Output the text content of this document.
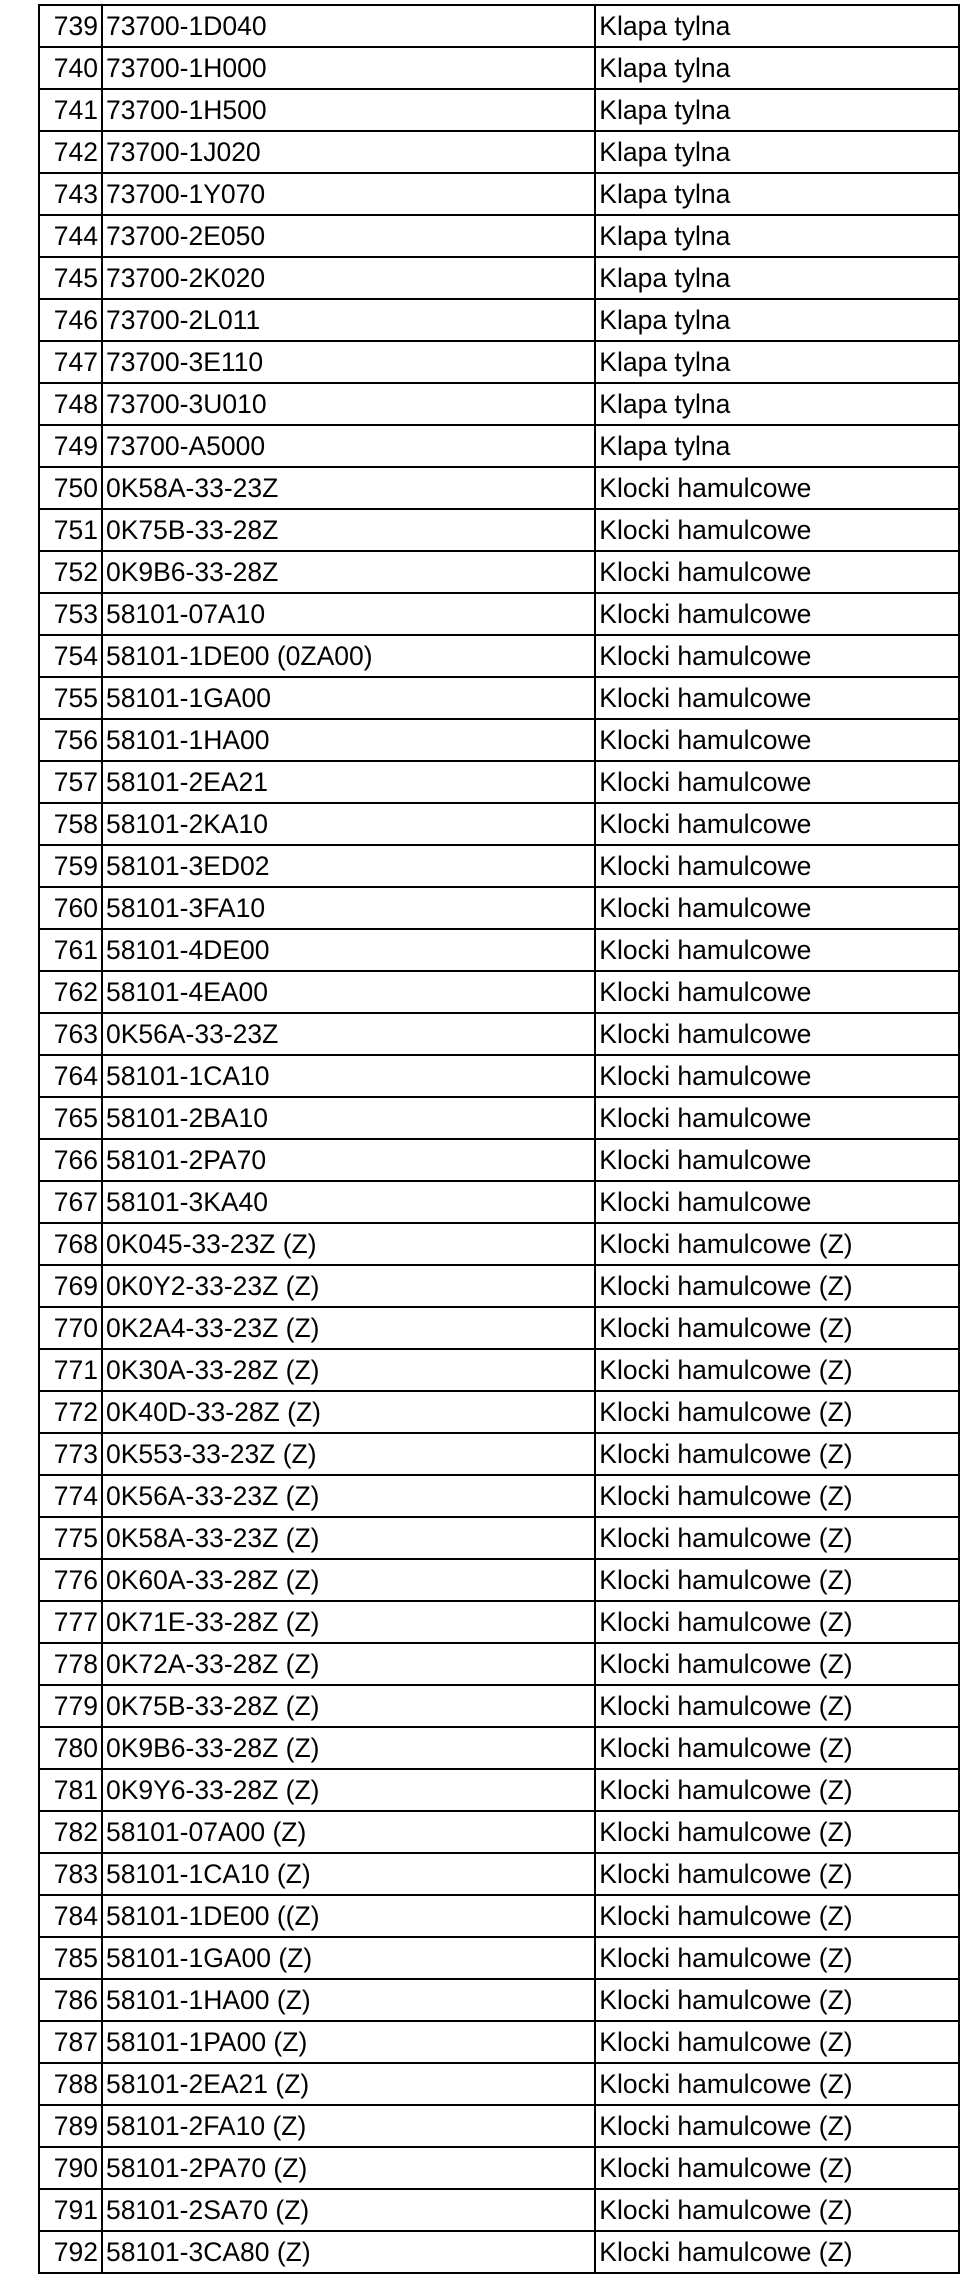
739	73700-1D040	Klapa tylna
740	73700-1H000	Klapa tylna
741	73700-1H500	Klapa tylna
742	73700-1J020	Klapa tylna
743	73700-1Y070	Klapa tylna
744	73700-2E050	Klapa tylna
745	73700-2K020	Klapa tylna
746	73700-2L011	Klapa tylna
747	73700-3E110	Klapa tylna
748	73700-3U010	Klapa tylna
749	73700-A5000	Klapa tylna
750	0K58A-33-23Z	Klocki hamulcowe
751	0K75B-33-28Z	Klocki hamulcowe
752	0K9B6-33-28Z	Klocki hamulcowe
753	58101-07A10	Klocki hamulcowe
754	58101-1DE00 (0ZA00)	Klocki hamulcowe
755	58101-1GA00	Klocki hamulcowe
756	58101-1HA00	Klocki hamulcowe
757	58101-2EA21	Klocki hamulcowe
758	58101-2KA10	Klocki hamulcowe
759	58101-3ED02	Klocki hamulcowe
760	58101-3FA10	Klocki hamulcowe
761	58101-4DE00	Klocki hamulcowe
762	58101-4EA00	Klocki hamulcowe
763	0K56A-33-23Z	Klocki hamulcowe
764	58101-1CA10	Klocki hamulcowe
765	58101-2BA10	Klocki hamulcowe
766	58101-2PA70	Klocki hamulcowe
767	58101-3KA40	Klocki hamulcowe
768	0K045-33-23Z (Z)	Klocki hamulcowe (Z)
769	0K0Y2-33-23Z (Z)	Klocki hamulcowe (Z)
770	0K2A4-33-23Z (Z)	Klocki hamulcowe (Z)
771	0K30A-33-28Z (Z)	Klocki hamulcowe (Z)
772	0K40D-33-28Z (Z)	Klocki hamulcowe (Z)
773	0K553-33-23Z (Z)	Klocki hamulcowe (Z)
774	0K56A-33-23Z (Z)	Klocki hamulcowe (Z)
775	0K58A-33-23Z (Z)	Klocki hamulcowe (Z)
776	0K60A-33-28Z (Z)	Klocki hamulcowe (Z)
777	0K71E-33-28Z (Z)	Klocki hamulcowe (Z)
778	0K72A-33-28Z (Z)	Klocki hamulcowe (Z)
779	0K75B-33-28Z (Z)	Klocki hamulcowe (Z)
780	0K9B6-33-28Z (Z)	Klocki hamulcowe (Z)
781	0K9Y6-33-28Z (Z)	Klocki hamulcowe (Z)
782	58101-07A00 (Z)	Klocki hamulcowe (Z)
783	58101-1CA10 (Z)	Klocki hamulcowe (Z)
784	58101-1DE00 ((Z)	Klocki hamulcowe (Z)
785	58101-1GA00 (Z)	Klocki hamulcowe (Z)
786	58101-1HA00 (Z)	Klocki hamulcowe (Z)
787	58101-1PA00 (Z)	Klocki hamulcowe (Z)
788	58101-2EA21 (Z)	Klocki hamulcowe (Z)
789	58101-2FA10 (Z)	Klocki hamulcowe (Z)
790	58101-2PA70 (Z)	Klocki hamulcowe (Z)
791	58101-2SA70 (Z)	Klocki hamulcowe (Z)
792	58101-3CA80 (Z)	Klocki hamulcowe (Z)
